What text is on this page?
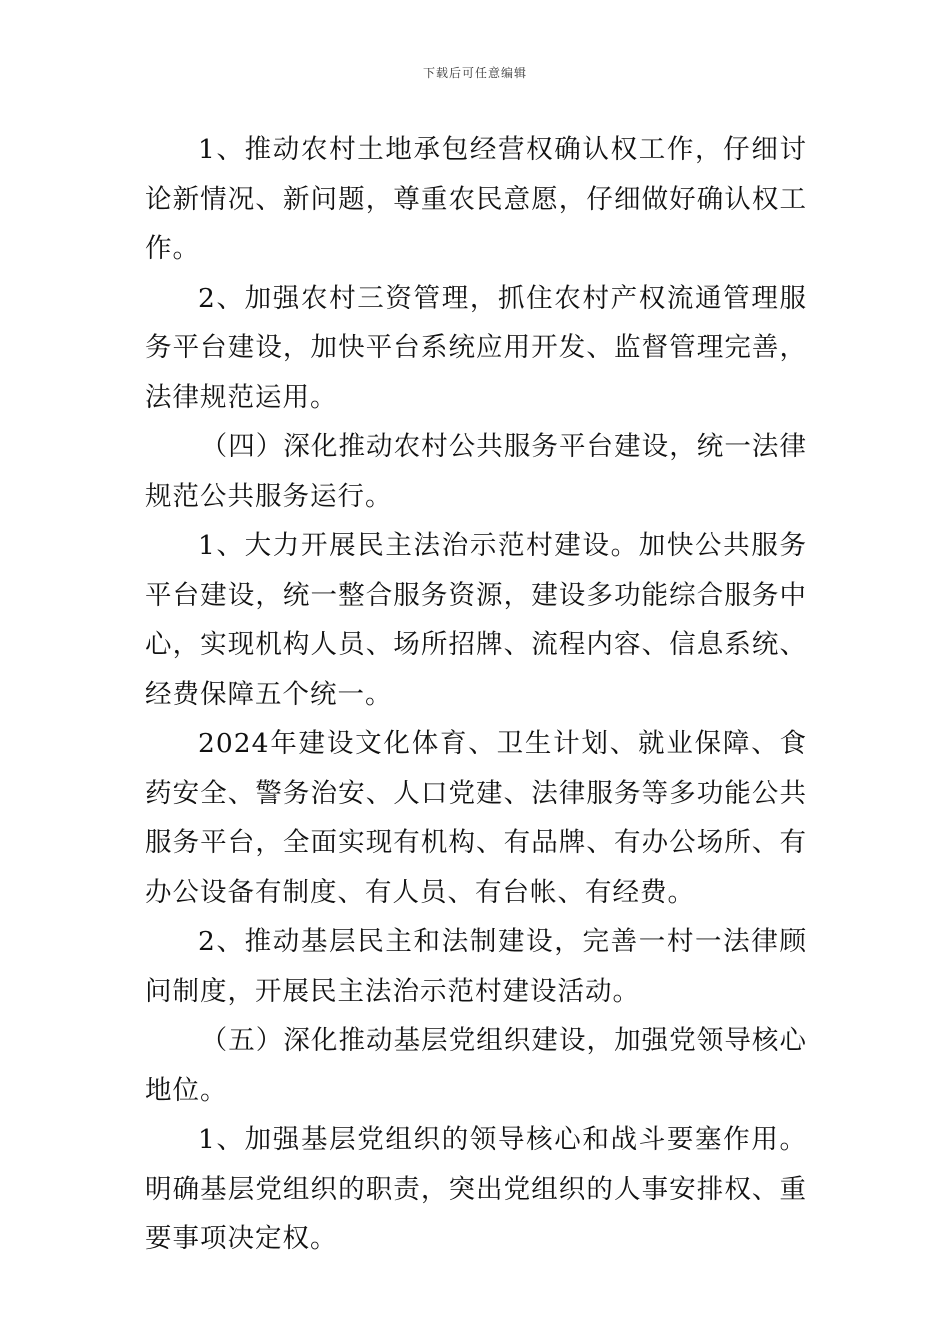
下载后可任意编辑

1、推动农村土地承包经营权确认权工作，仔细讨论新情况、新问题，尊重农民意愿，仔细做好确认权工作。

2、加强农村三资管理，抓住农村产权流通管理服务平台建设，加快平台系统应用开发、监督管理完善，法律规范运用。

（四）深化推动农村公共服务平台建设，统一法律规范公共服务运行。

1、大力开展民主法治示范村建设。加快公共服务平台建设，统一整合服务资源，建设多功能综合服务中心，实现机构人员、场所招牌、流程内容、信息系统、经费保障五个统一。

2024年建设文化体育、卫生计划、就业保障、食药安全、警务治安、人口党建、法律服务等多功能公共服务平台，全面实现有机构、有品牌、有办公场所、有办公设备有制度、有人员、有台帐、有经费。

2、推动基层民主和法制建设，完善一村一法律顾问制度，开展民主法治示范村建设活动。

（五）深化推动基层党组织建设，加强党领导核心地位。

1、加强基层党组织的领导核心和战斗要塞作用。明确基层党组织的职责，突出党组织的人事安排权、重要事项决定权。
